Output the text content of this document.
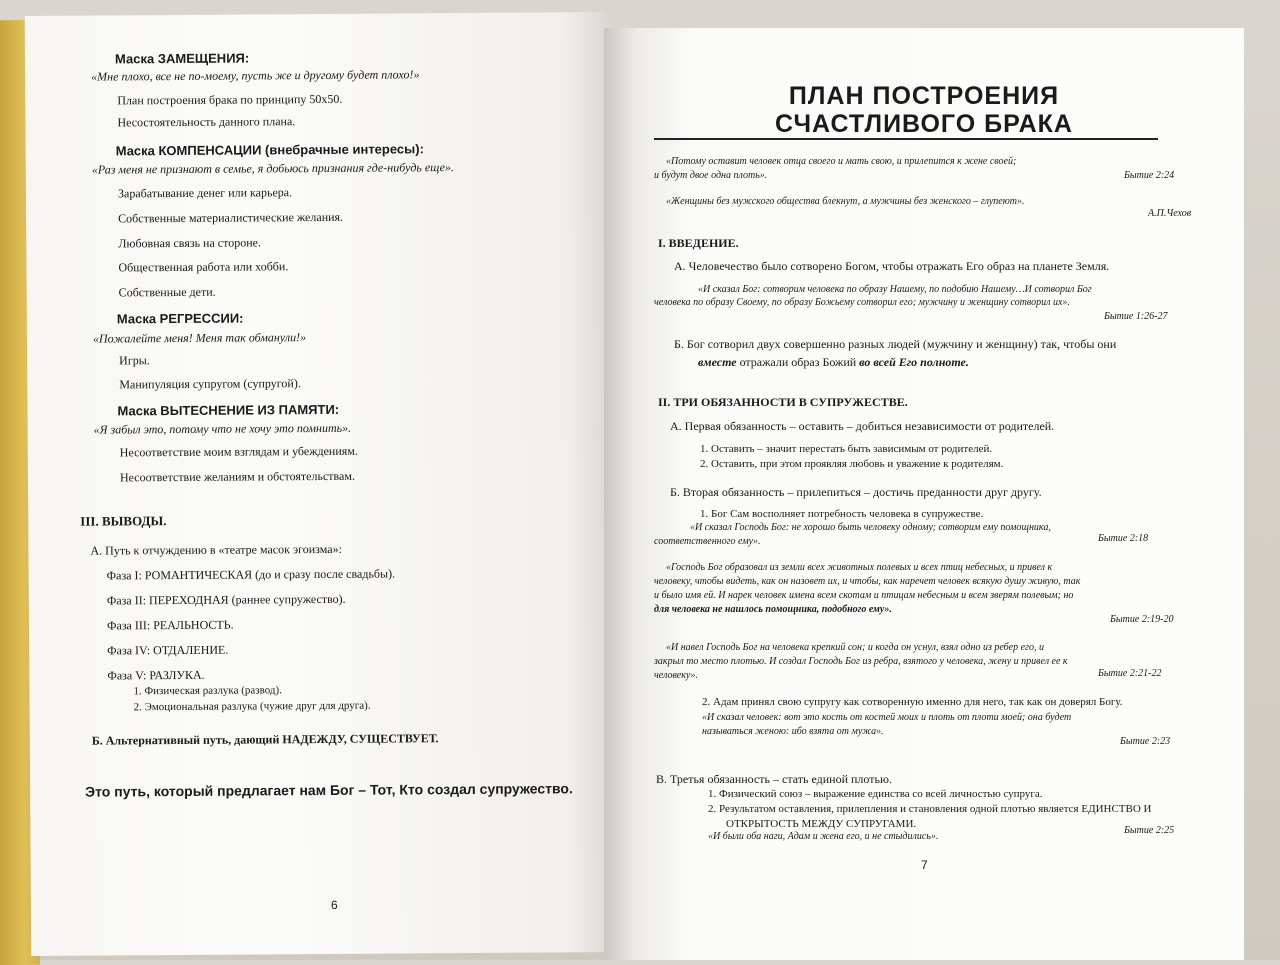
Маска ЗАМЕЩЕНИЯ:
«Мне плохо, все не по-моему, пусть же и другому будет плохо!»
План построения брака по принципу 50х50.
Несостоятельность данного плана.
Маска КОМПЕНСАЦИИ (внебрачные интересы):
«Раз меня не признают в семье, я добьюсь признания где-нибудь еще».
Зарабатывание денег или карьера.
Собственные материалистические желания.
Любовная связь на стороне.
Общественная работа или хобби.
Собственные дети.
Маска РЕГРЕССИИ:
«Пожалейте меня! Меня так обманули!»
Игры.
Манипуляция супругом (супругой).
Маска ВЫТЕСНЕНИЕ ИЗ ПАМЯТИ:
«Я забыл это, потому что не хочу это помнить».
Несоответствие моим взглядам и убеждениям.
Несоответствие желаниям и обстоятельствам.
III. ВЫВОДЫ.
А. Путь к отчуждению в «театре масок эгоизма»:
Фаза I: РОМАНТИЧЕСКАЯ (до и сразу после свадьбы).
Фаза II: ПЕРЕХОДНАЯ (раннее супружество).
Фаза III: РЕАЛЬНОСТЬ.
Фаза IV: ОТДАЛЕНИЕ.
Фаза V: РАЗЛУКА.
1. Физическая разлука (развод).
2. Эмоциональная разлука (чужие друг для друга).
Б. Альтернативный путь, дающий НАДЕЖДУ, СУЩЕСТВУЕТ.
Это путь, который предлагает нам Бог – Тот, Кто создал супружество.
6
ПЛАН ПОСТРОЕНИЯ
СЧАСТЛИВОГО БРАКА
«Потому оставит человек отца своего и мать свою, и прилепится к жене своей;
и будут двое одна плоть».	Бытие 2:24
«Женщины без мужского общества блекнут, а мужчины без женского – глупеют».
А.П.Чехов
I. ВВЕДЕНИЕ.
А. Человечество было сотворено Богом, чтобы отражать Его образ на планете Земля.
«И сказал Бог: сотворим человека по образу Нашему, по подобию Нашему…И сотворил Бог
человека по образу Своему, по образу Божьему сотворил его; мужчину и женщину сотворил их».
Бытие 1:26-27
Б. Бог сотворил двух совершенно разных людей (мужчину и женщину) так, чтобы они
вместе отражали образ Божий во всей Его полноте.
II. ТРИ ОБЯЗАННОСТИ В СУПРУЖЕСТВЕ.
А. Первая обязанность – оставить – добиться независимости от родителей.
1. Оставить – значит перестать быть зависимым от родителей.
2. Оставить, при этом проявляя любовь и уважение к родителям.
Б. Вторая обязанность – прилепиться – достичь преданности друг другу.
1. Бог Сам восполняет потребность человека в супружестве.
«И сказал Господь Бог: не хорошо быть человеку одному; сотворим ему помощника,
соответственного ему».	Бытие 2:18
«Господь Бог образовал из земли всех животных полевых и всех птиц небесных, и привел к
человеку, чтобы видеть, как он назовет их, и чтобы, как наречет человек всякую душу живую, так
и было имя ей. И нарек человек имена всем скотам и птицам небесным и всем зверям полевым; но
для человека не нашлось помощника, подобного ему».
Бытие 2:19-20
«И навел Господь Бог на человека крепкий сон; и когда он уснул, взял одно из ребер его, и
закрыл то место плотью. И создал Господь Бог из ребра, взятого у человека, жену и привел ее к
человеку».	Бытие 2:21-22
2. Адам принял свою супругу как сотворенную именно для него, так как он доверял Богу.
«И сказал человек: вот это кость от костей моих и плоть от плоти моей; она будет
называться женою: ибо взята от мужа».
Бытие 2:23
В. Третья обязанность – стать единой плотью.
1. Физический союз – выражение единства со всей личностью супруга.
2. Результатом оставления, прилепления и становления одной плотью является ЕДИНСТВО И
ОТКРЫТОСТЬ МЕЖДУ СУПРУГАМИ.
«И были оба наги, Адам и жена его, и не стыдились».
Бытие 2:25
7
